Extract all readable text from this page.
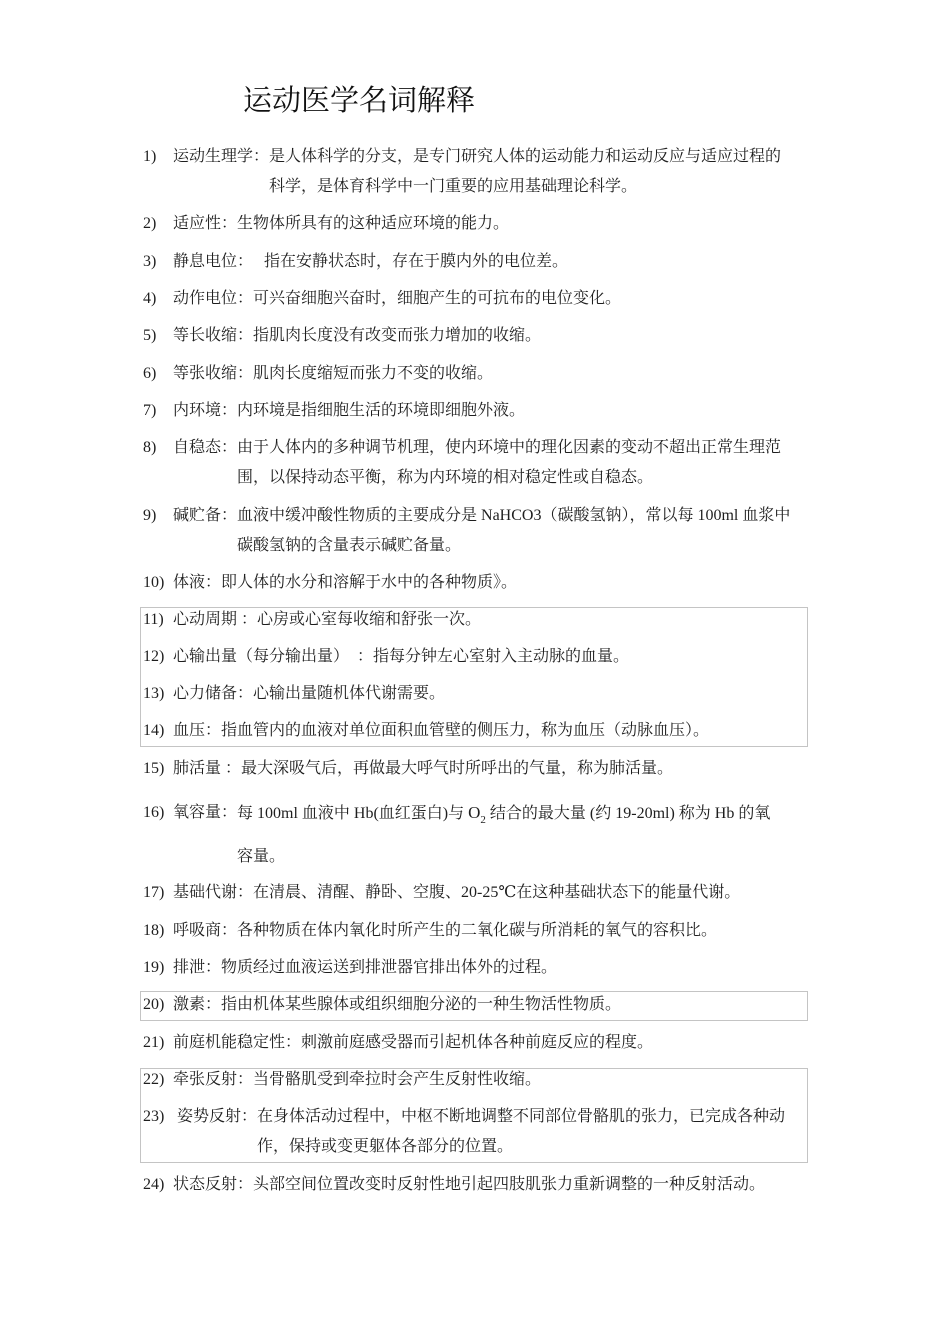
运动医学名词解释
1)	运动生理学： 是人体科学的分支，是专门研究人体的运动能力和运动反应与适应过程的
科学，是体育科学中一门重要的应用基础理论科学。
2)	适应性： 生物体所具有的这种适应环境的能力。
3)	静息电位： 指在安静状态时，存在于膜内外的电位差。
4)	动作电位： 可兴奋细胞兴奋时，细胞产生的可抗布的电位变化。
5)	等长收缩： 指肌肉长度没有改变而张力增加的收缩。
6)	等张收缩： 肌肉长度缩短而张力不变的收缩。
7)	内环境： 内环境是指细胞生活的环境即细胞外液。
8)	自稳态： 由于人体内的多种调节机理，使内环境中的理化因素的变动不超出正常生理范
围，以保持动态平衡，称为内环境的相对稳定性或自稳态。
9)	碱贮备： 血液中缓冲酸性物质的主要成分是 NaHCO3（碳酸氢钠），常以每 100ml 血浆中
碳酸氢钠的含量表示碱贮备量。
10) 体液： 即人体的水分和溶解于水中的各种物质》。
11) 心动周期 ： 心房或心室每收缩和舒张一次。
12) 心输出量（每分输出量）  ： 指每分钟左心室射入主动脉的血量。
13) 心力储备： 心输出量随机体代谢需要。
14) 血压： 指血管内的血液对单位面积血管壁的侧压力，称为血压（动脉血压）。
15) 肺活量 ： 最大深吸气后，再做最大呼气时所呼出的气量，称为肺活量。
16) 氧容量： 每 100ml 血液中 Hb(血红蛋白)与 $O_2$ 结合的最大量 (约 19-20ml) 称为 Hb 的氧
容量。
17) 基础代谢： 在清晨、清醒、静卧、空腹、20-25℃在这种基础状态下的能量代谢。
18) 呼吸商： 各种物质在体内氧化时所产生的二氧化碳与所消耗的氧气的容积比。
19) 排泄： 物质经过血液运送到排泄器官排出体外的过程。
20) 激素： 指由机体某些腺体或组织细胞分泌的一种生物活性物质。
21) 前庭机能稳定性： 刺激前庭感受器而引起机体各种前庭反应的程度。
22) 牵张反射： 当骨骼肌受到牵拉时会产生反射性收缩。
23) 姿势反射： 在身体活动过程中，中枢不断地调整不同部位骨骼肌的张力，已完成各种动
作，保持或变更躯体各部分的位置。
24) 状态反射： 头部空间位置改变时反射性地引起四肢肌张力重新调整的一种反射活动。
